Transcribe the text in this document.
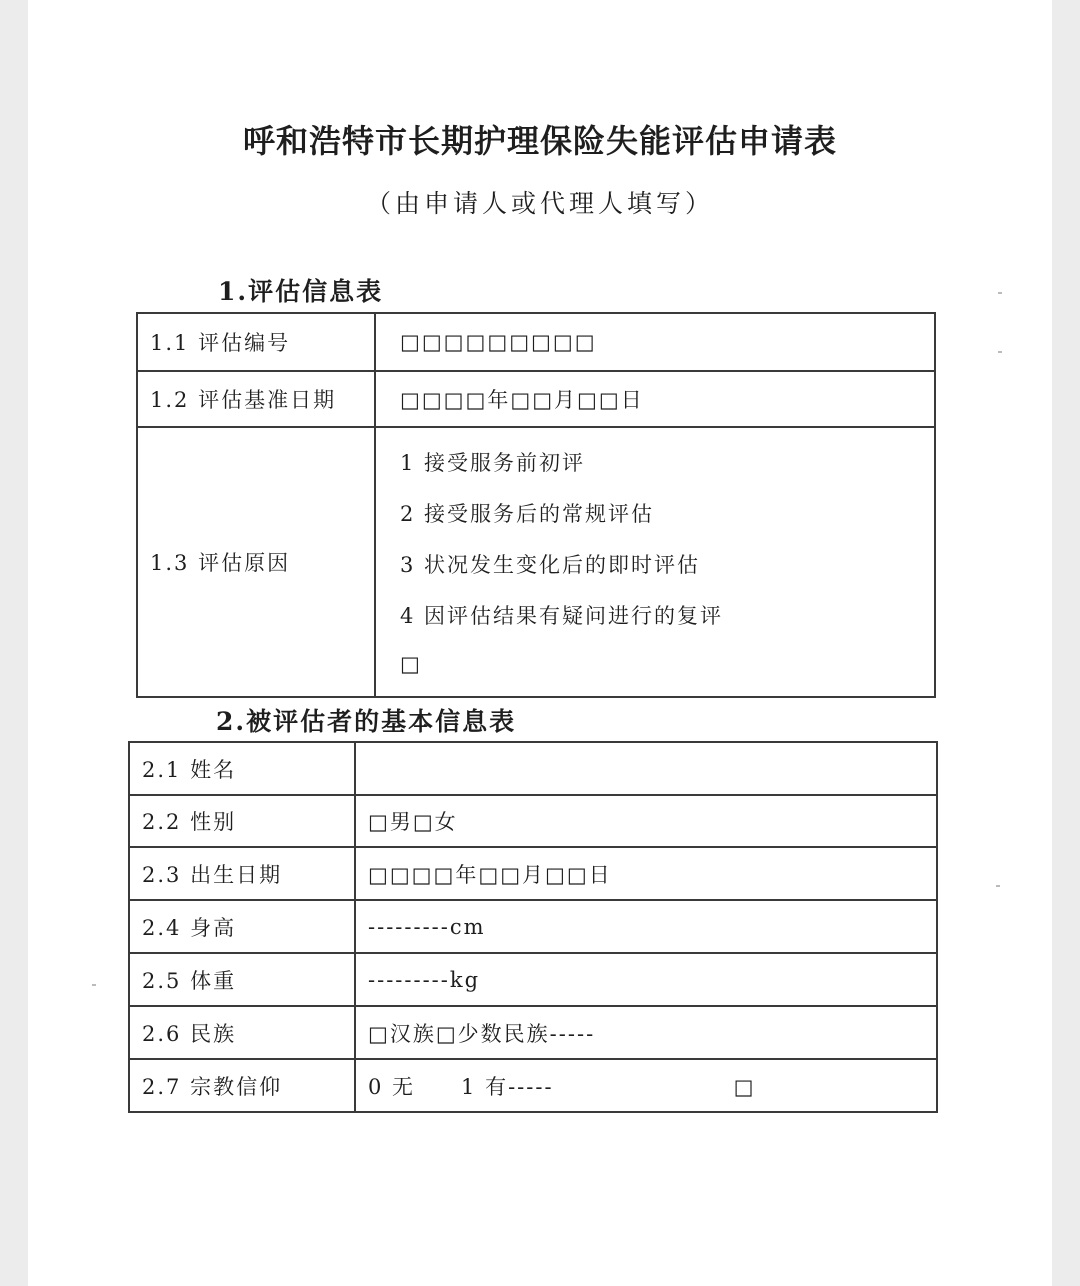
呼和浩特市长期护理保险失能评估申请表
（由申请人或代理人填写）
1.评估信息表
1.1 评估编号	□□□□□□□□□
1.2 评估基准日期	□□□□年□□月□□日
1.3 评估原因	1 接受服务前初评
2 接受服务后的常规评估
3 状况发生变化后的即时评估
4 因评估结果有疑问进行的复评
□
2.被评估者的基本信息表
2.1 姓名	
2.2 性别	□男□女
2.3 出生日期	□□□□年□□月□□日
2.4 身高	---------cm
2.5 体重	---------kg
2.6 民族	□汉族□少数民族-----
2.7 宗教信仰	0 无 1 有----- □
